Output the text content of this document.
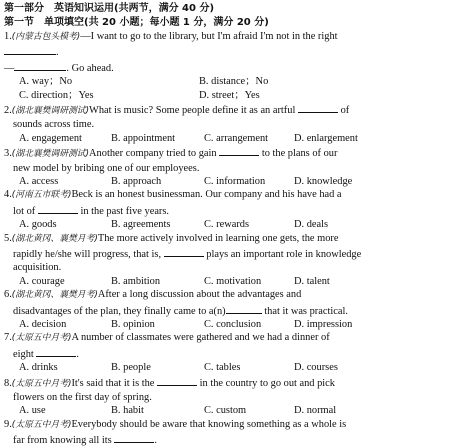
第一部分　英语知识运用(共两节，满分 40 分)
第一节　单项填空(共 20 小题；每小题 1 分，满分 20 分)
1.(内蒙古包头模考)—I want to go to the library, but I'm afraid I'm not in the right
.
—	. Go ahead.
A. way；No	B. distance；No
C. direction；Yes	D. street；Yes
2.(湖北襄樊调研测试)What is music? Some people define it as an artful	of
sounds across time.
A. engagement	B. appointment	C. arrangement D. enlargement
3.(湖北襄樊调研测试)Another company tried to gain	to the plans of our
new model by bribing one of our employees.
A. access	B. approach	C. information	D. knowledge
4.(河南五市联考)Beck is an honest businessman. Our company and his have had a
lot of	in the past five years.
A. goods	B. agreements	C. rewards	D. deals
5.(湖北黄冈、襄樊月考)The more actively involved in learning one gets, the more
rapidly he/she will progress, that is,	plays an important role in knowledge
acquisition.
A. courage	B. ambition	C. motivation	D. talent
6.(湖北黄冈、襄樊月考)After a long discussion about the advantages and
disadvantages of the plan, they finally came to a(n)	that it was practical.
A. decision	B. opinion	C. conclusion	D. impression
7.(太原五中月考)A number of classmates were gathered and we had a dinner of
eight	.
A. drinks	B. people	C. tables	D. courses
8.(太原五中月考)It's said that it is the	in the country to go out and pick
flowers on the first day of spring.
A. use	B. habit	C. custom	D. normal
9.(太原五中月考)Everybody should be aware that knowing something as a whole is
far from knowing all its	.
